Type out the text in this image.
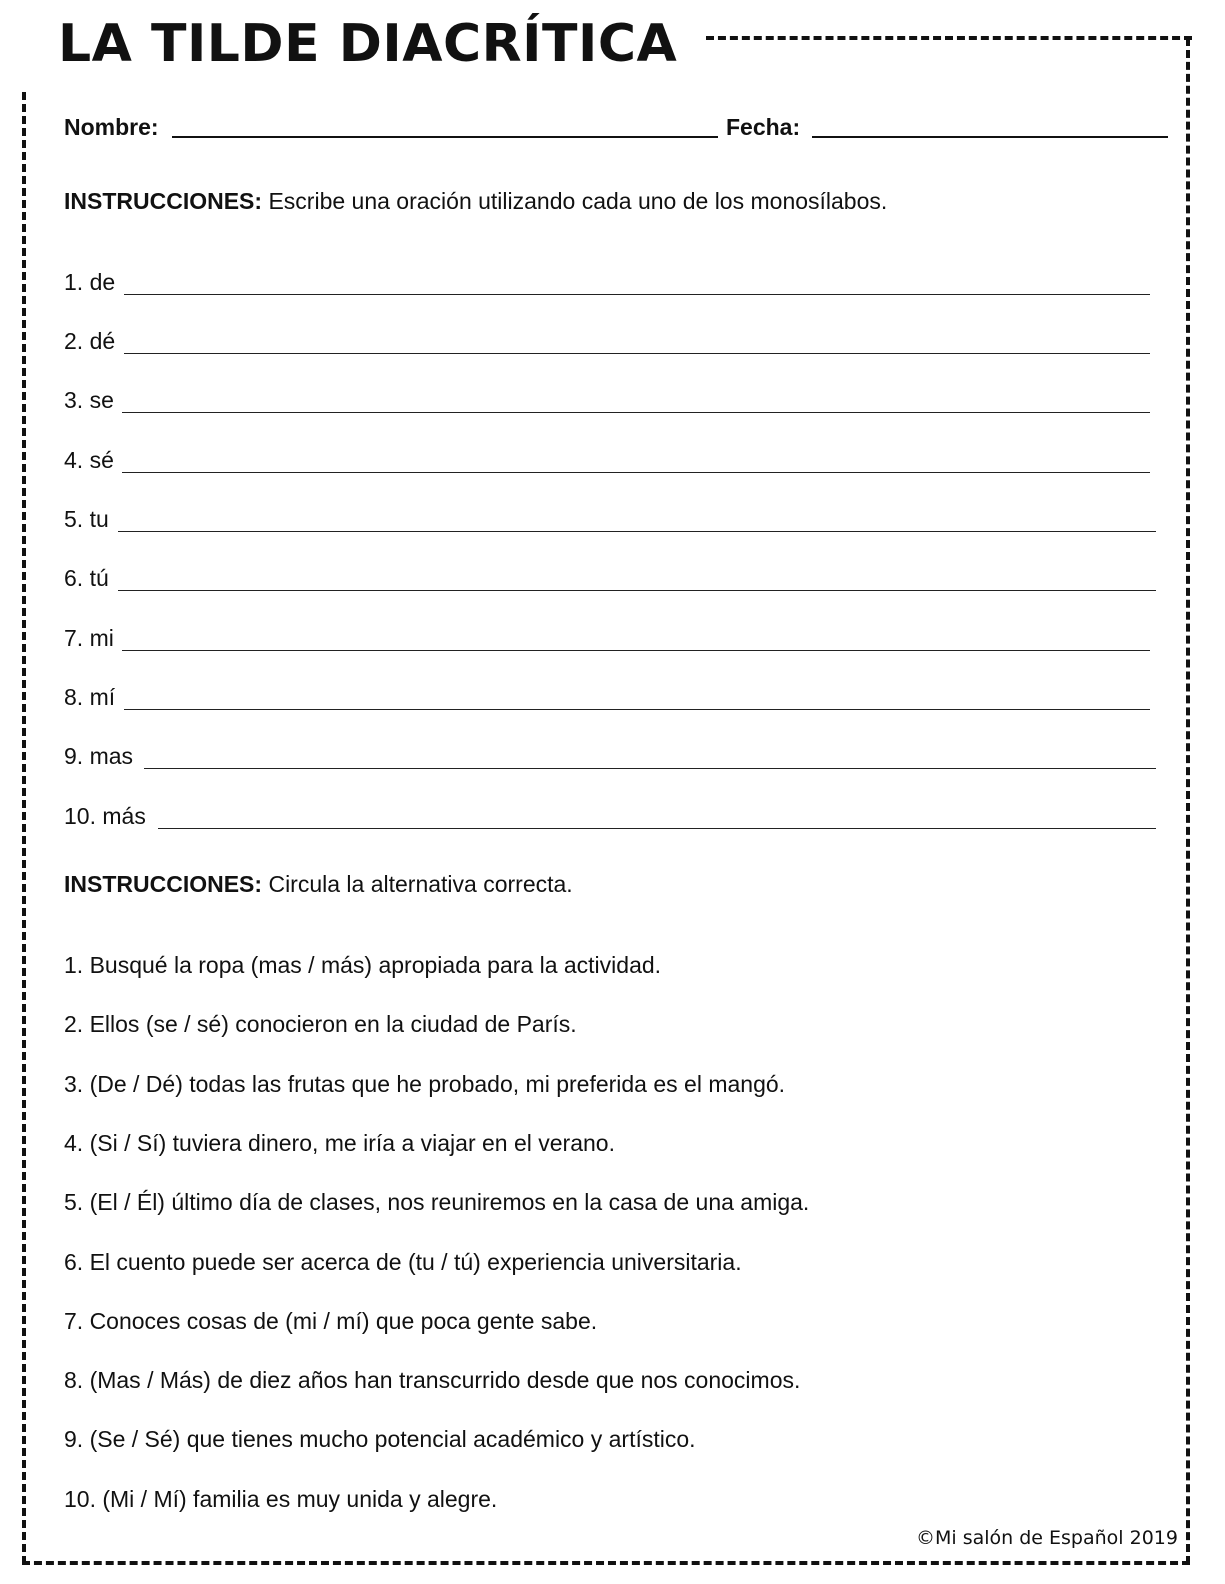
LA TILDE DIACRÍTICA
Nombre:	Fecha:
INSTRUCCIONES: Escribe una oración utilizando cada uno de los monosílabos.
1. de
2. dé
3. se
4. sé
5. tu
6. tú
7. mi
8. mí
9. mas
10. más
INSTRUCCIONES: Circula la alternativa correcta.
1. Busqué la ropa (mas / más) apropiada para la actividad.
2. Ellos (se / sé) conocieron en la ciudad de París.
3. (De / Dé) todas las frutas que he probado, mi preferida es el mangó.
4. (Si / Sí) tuviera dinero, me iría a viajar en el verano.
5. (El / Él) último día de clases, nos reuniremos en la casa de una amiga.
6. El cuento puede ser acerca de (tu / tú) experiencia universitaria.
7. Conoces cosas de (mi / mí) que poca gente sabe.
8. (Mas / Más) de diez años han transcurrido desde que nos conocimos.
9. (Se / Sé) que tienes mucho potencial académico y artístico.
10. (Mi / Mí) familia es muy unida y alegre.
©Mi salón de Español 2019
